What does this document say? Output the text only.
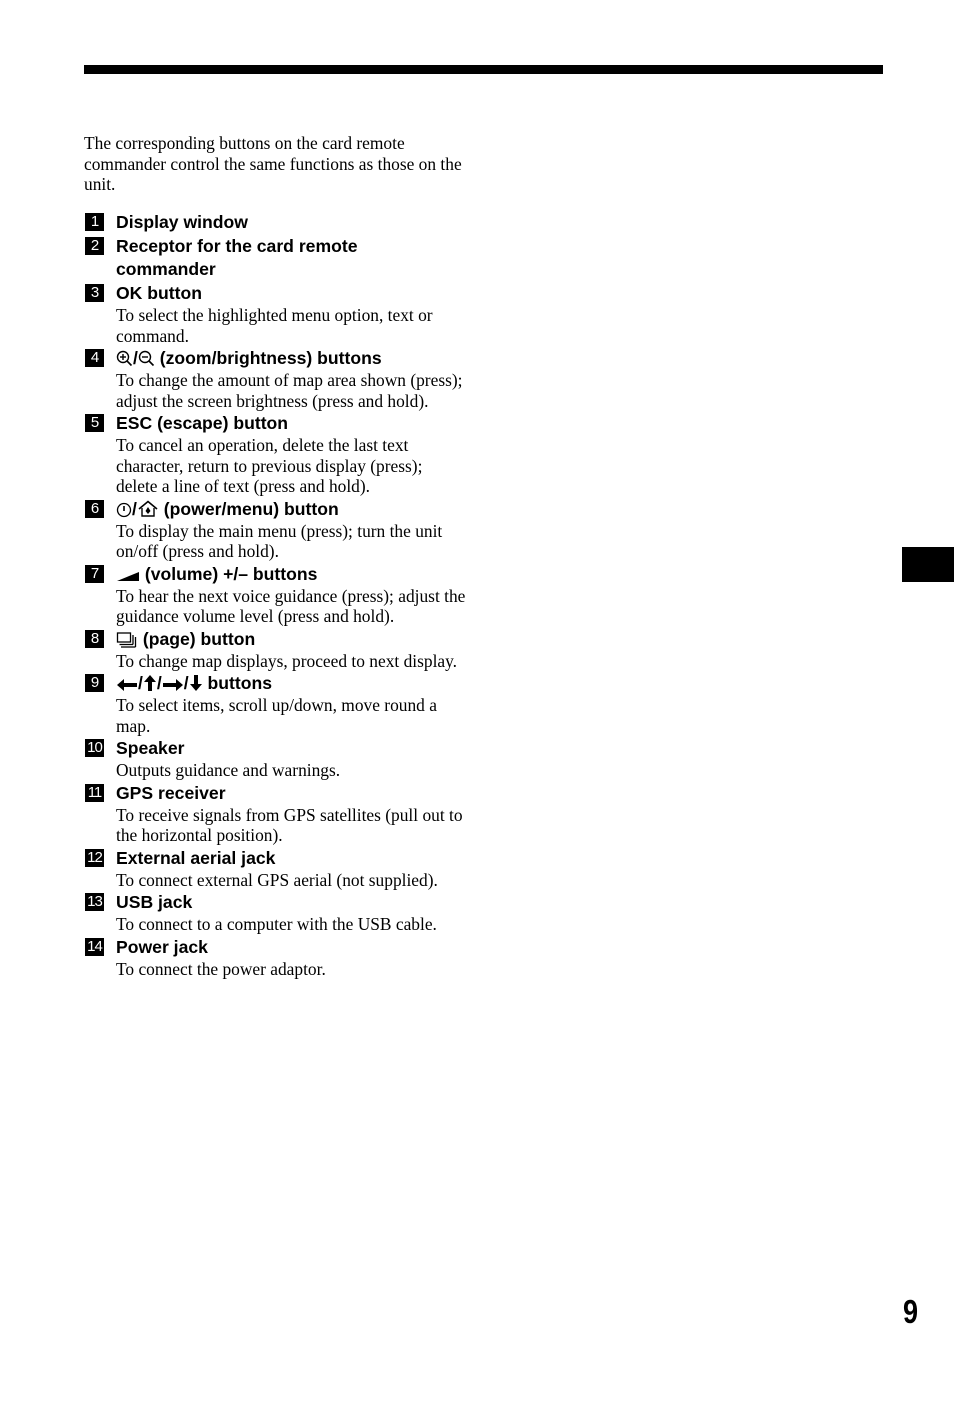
The corresponding buttons on the card remote commander control the same functions as those on the unit.

1	Display window
2	Receptor for the card remote commander
3	OK button

To select the highlighted menu option, text or command.

4	/ (zoom/brightness) buttons

To change the amount of map area shown (press); adjust the screen brightness (press and hold).

5	ESC (escape) button

To cancel an operation, delete the last text character, return to previous display (press); delete a line of text (press and hold).

6	/ (power/menu) button

To display the main menu (press); turn the unit on/off (press and hold).

7	(volume) +/– buttons

To hear the next voice guidance (press); adjust the guidance volume level (press and hold).

8	(page) button

To change map displays, proceed to next display.

9	/ / / buttons

To select items, scroll up/down, move round a map.

10 Speaker

Outputs guidance and warnings.

11 GPS receiver

To receive signals from GPS satellites (pull out to the horizontal position).

12 External aerial jack

To connect external GPS aerial (not supplied).

13 USB jack

To connect to a computer with the USB cable.

14 Power jack

To connect the power adaptor.

9
